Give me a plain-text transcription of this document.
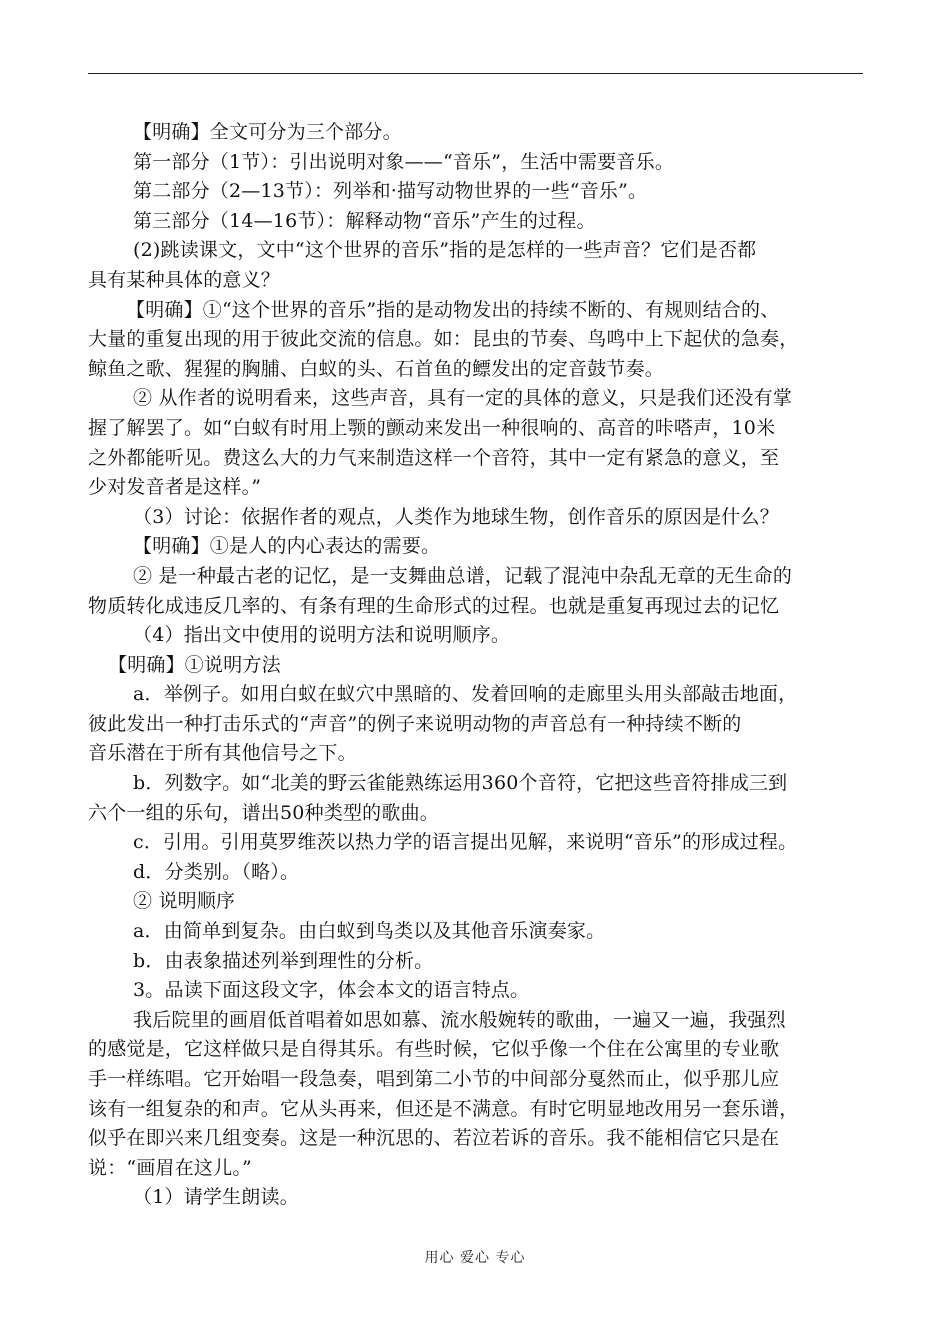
【明确】全文可分为三个部分。
第一部分（1节）：引出说明对象——“音乐”，生活中需要音乐。
第二部分（2—13节）：列举和·描写动物世界的一些“音乐”。
第三部分（14—16节）：解释动物“音乐”产生的过程。
(2)跳读课文，文中“这个世界的音乐”指的是怎样的一些声音？它们是否都
具有某种具体的意义？
【明确】①“这个世界的音乐”指的是动物发出的持续不断的、有规则结合的、
大量的重复出现的用于彼此交流的信息。如：昆虫的节奏、鸟鸣中上下起伏的急奏，
鲸鱼之歌、猩猩的胸脯、白蚁的头、石首鱼的鳔发出的定音鼓节奏。
② 从作者的说明看来，这些声音，具有一定的具体的意义，只是我们还没有掌
握了解罢了。如“白蚁有时用上颚的颤动来发出一种很响的、高音的咔嗒声，10米
之外都能听见。费这么大的力气来制造这样一个音符，其中一定有紧急的意义，至
少对发音者是这样。”
（3）讨论：依据作者的观点，人类作为地球生物，创作音乐的原因是什么？
【明确】①是人的内心表达的需要。
② 是一种最古老的记忆，是一支舞曲总谱，记载了混沌中杂乱无章的无生命的
物质转化成违反几率的、有条有理的生命形式的过程。也就是重复再现过去的记忆
（4）指出文中使用的说明方法和说明顺序。
【明确】①说明方法
a．举例子。如用白蚁在蚁穴中黑暗的、发着回响的走廊里头用头部敲击地面，
彼此发出一种打击乐式的“声音”的例子来说明动物的声音总有一种持续不断的
音乐潜在于所有其他信号之下。
b．列数字。如“北美的野云雀能熟练运用360个音符，它把这些音符排成三到
六个一组的乐句，谱出50种类型的歌曲。
c．引用。引用莫罗维茨以热力学的语言提出见解，来说明“音乐”的形成过程。
d．分类别。（略）。
② 说明顺序
a．由简单到复杂。由白蚁到鸟类以及其他音乐演奏家。
b．由表象描述列举到理性的分析。
3。品读下面这段文字，体会本文的语言特点。
我后院里的画眉低首唱着如思如慕、流水般婉转的歌曲，一遍又一遍，我强烈
的感觉是，它这样做只是自得其乐。有些时候，它似乎像一个住在公寓里的专业歌
手一样练唱。它开始唱一段急奏，唱到第二小节的中间部分戛然而止，似乎那儿应
该有一组复杂的和声。它从头再来，但还是不满意。有时它明显地改用另一套乐谱，
似乎在即兴来几组变奏。这是一种沉思的、若泣若诉的音乐。我不能相信它只是在
说：“画眉在这儿。”
（1）请学生朗读。
用心 爱心 专心
